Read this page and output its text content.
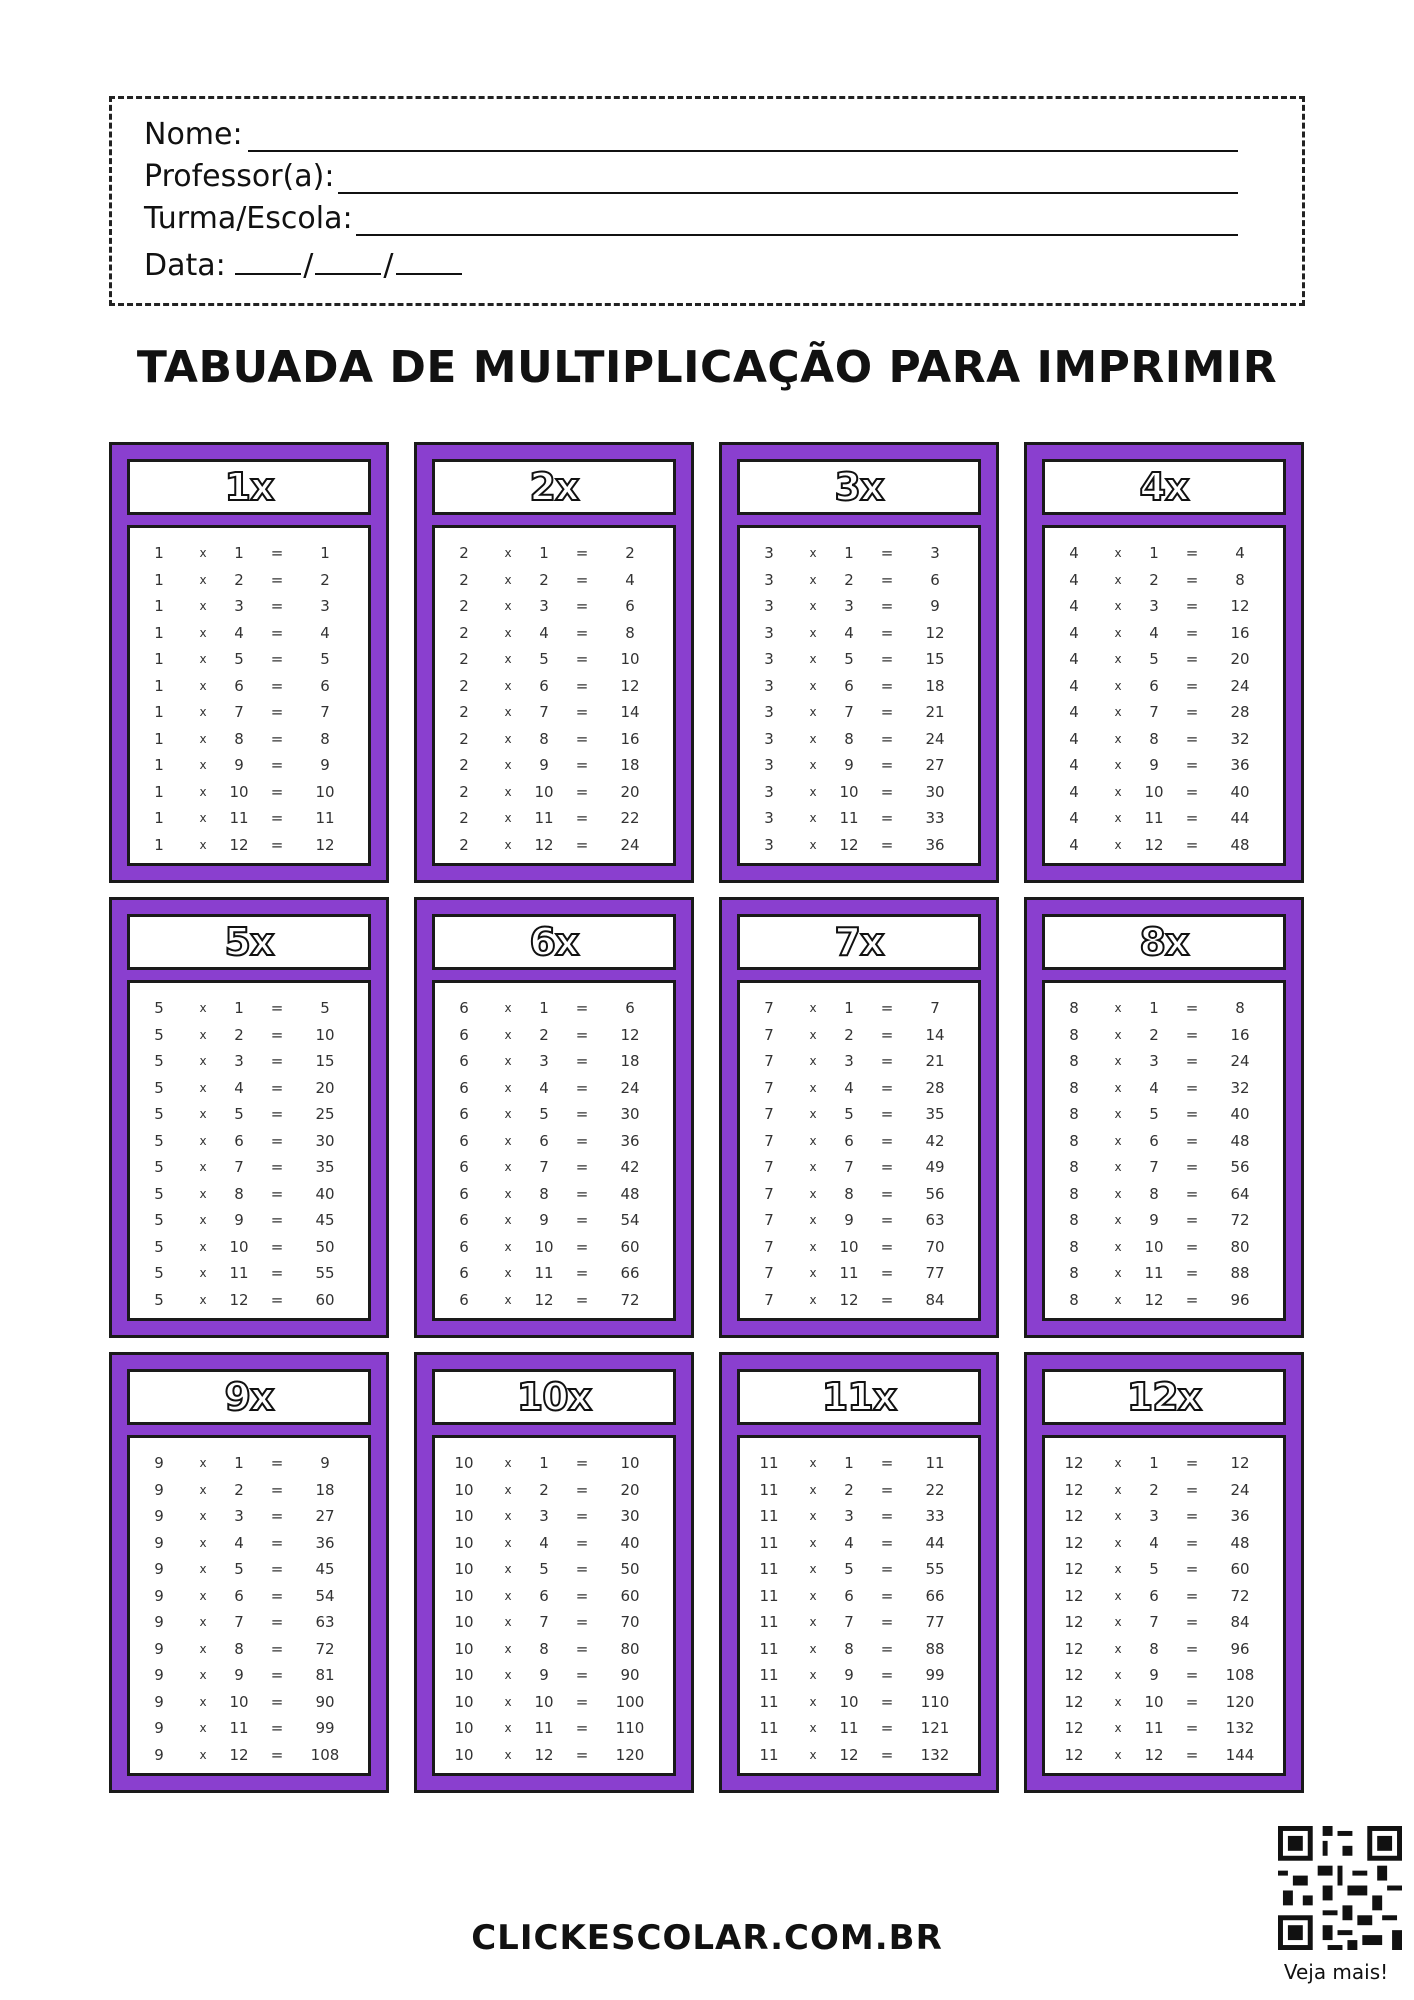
Nome:
Professor(a):
Turma/Escola:
Data:	/ /
TABUADA DE MULTIPLICAÇÃO PARA IMPRIMIR
1x
1	x	1	=	1
1	x	2	=	2
1	x	3	=	3
1	x	4	=	4
1	x	5	=	5
1	x	6	=	6
1	x	7	=	7
1	x	8	=	8
1	x	9	=	9
1	x	10	=	10
1	x	11	=	11
1	x	12	=	12
2x
2	x	1	=	2
2	x	2	=	4
2	x	3	=	6
2	x	4	=	8
2	x	5	=	10
2	x	6	=	12
2	x	7	=	14
2	x	8	=	16
2	x	9	=	18
2	x	10	=	20
2	x	11	=	22
2	x	12	=	24
3x
3	x	1	=	3
3	x	2	=	6
3	x	3	=	9
3	x	4	=	12
3	x	5	=	15
3	x	6	=	18
3	x	7	=	21
3	x	8	=	24
3	x	9	=	27
3	x	10	=	30
3	x	11	=	33
3	x	12	=	36
4x
4	x	1	=	4
4	x	2	=	8
4	x	3	=	12
4	x	4	=	16
4	x	5	=	20
4	x	6	=	24
4	x	7	=	28
4	x	8	=	32
4	x	9	=	36
4	x	10	=	40
4	x	11	=	44
4	x	12	=	48
5x
5	x	1	=	5
5	x	2	=	10
5	x	3	=	15
5	x	4	=	20
5	x	5	=	25
5	x	6	=	30
5	x	7	=	35
5	x	8	=	40
5	x	9	=	45
5	x	10	=	50
5	x	11	=	55
5	x	12	=	60
6x
6	x	1	=	6
6	x	2	=	12
6	x	3	=	18
6	x	4	=	24
6	x	5	=	30
6	x	6	=	36
6	x	7	=	42
6	x	8	=	48
6	x	9	=	54
6	x	10	=	60
6	x	11	=	66
6	x	12	=	72
7x
7	x	1	=	7
7	x	2	=	14
7	x	3	=	21
7	x	4	=	28
7	x	5	=	35
7	x	6	=	42
7	x	7	=	49
7	x	8	=	56
7	x	9	=	63
7	x	10	=	70
7	x	11	=	77
7	x	12	=	84
8x
8	x	1	=	8
8	x	2	=	16
8	x	3	=	24
8	x	4	=	32
8	x	5	=	40
8	x	6	=	48
8	x	7	=	56
8	x	8	=	64
8	x	9	=	72
8	x	10	=	80
8	x	11	=	88
8	x	12	=	96
9x
9	x	1	=	9
9	x	2	=	18
9	x	3	=	27
9	x	4	=	36
9	x	5	=	45
9	x	6	=	54
9	x	7	=	63
9	x	8	=	72
9	x	9	=	81
9	x	10	=	90
9	x	11	=	99
9	x	12	=	108
10x
10	x	1	=	10
10	x	2	=	20
10	x	3	=	30
10	x	4	=	40
10	x	5	=	50
10	x	6	=	60
10	x	7	=	70
10	x	8	=	80
10	x	9	=	90
10	x	10	=	100
10	x	11	=	110
10	x	12	=	120
11x
11	x	1	=	11
11	x	2	=	22
11	x	3	=	33
11	x	4	=	44
11	x	5	=	55
11	x	6	=	66
11	x	7	=	77
11	x	8	=	88
11	x	9	=	99
11	x	10	=	110
11	x	11	=	121
11	x	12	=	132
12x
12	x	1	=	12
12	x	2	=	24
12	x	3	=	36
12	x	4	=	48
12	x	5	=	60
12	x	6	=	72
12	x	7	=	84
12	x	8	=	96
12	x	9	=	108
12	x	10	=	120
12	x	11	=	132
12	x	12	=	144
CLICKESCOLAR.COM.BR
Veja mais!
